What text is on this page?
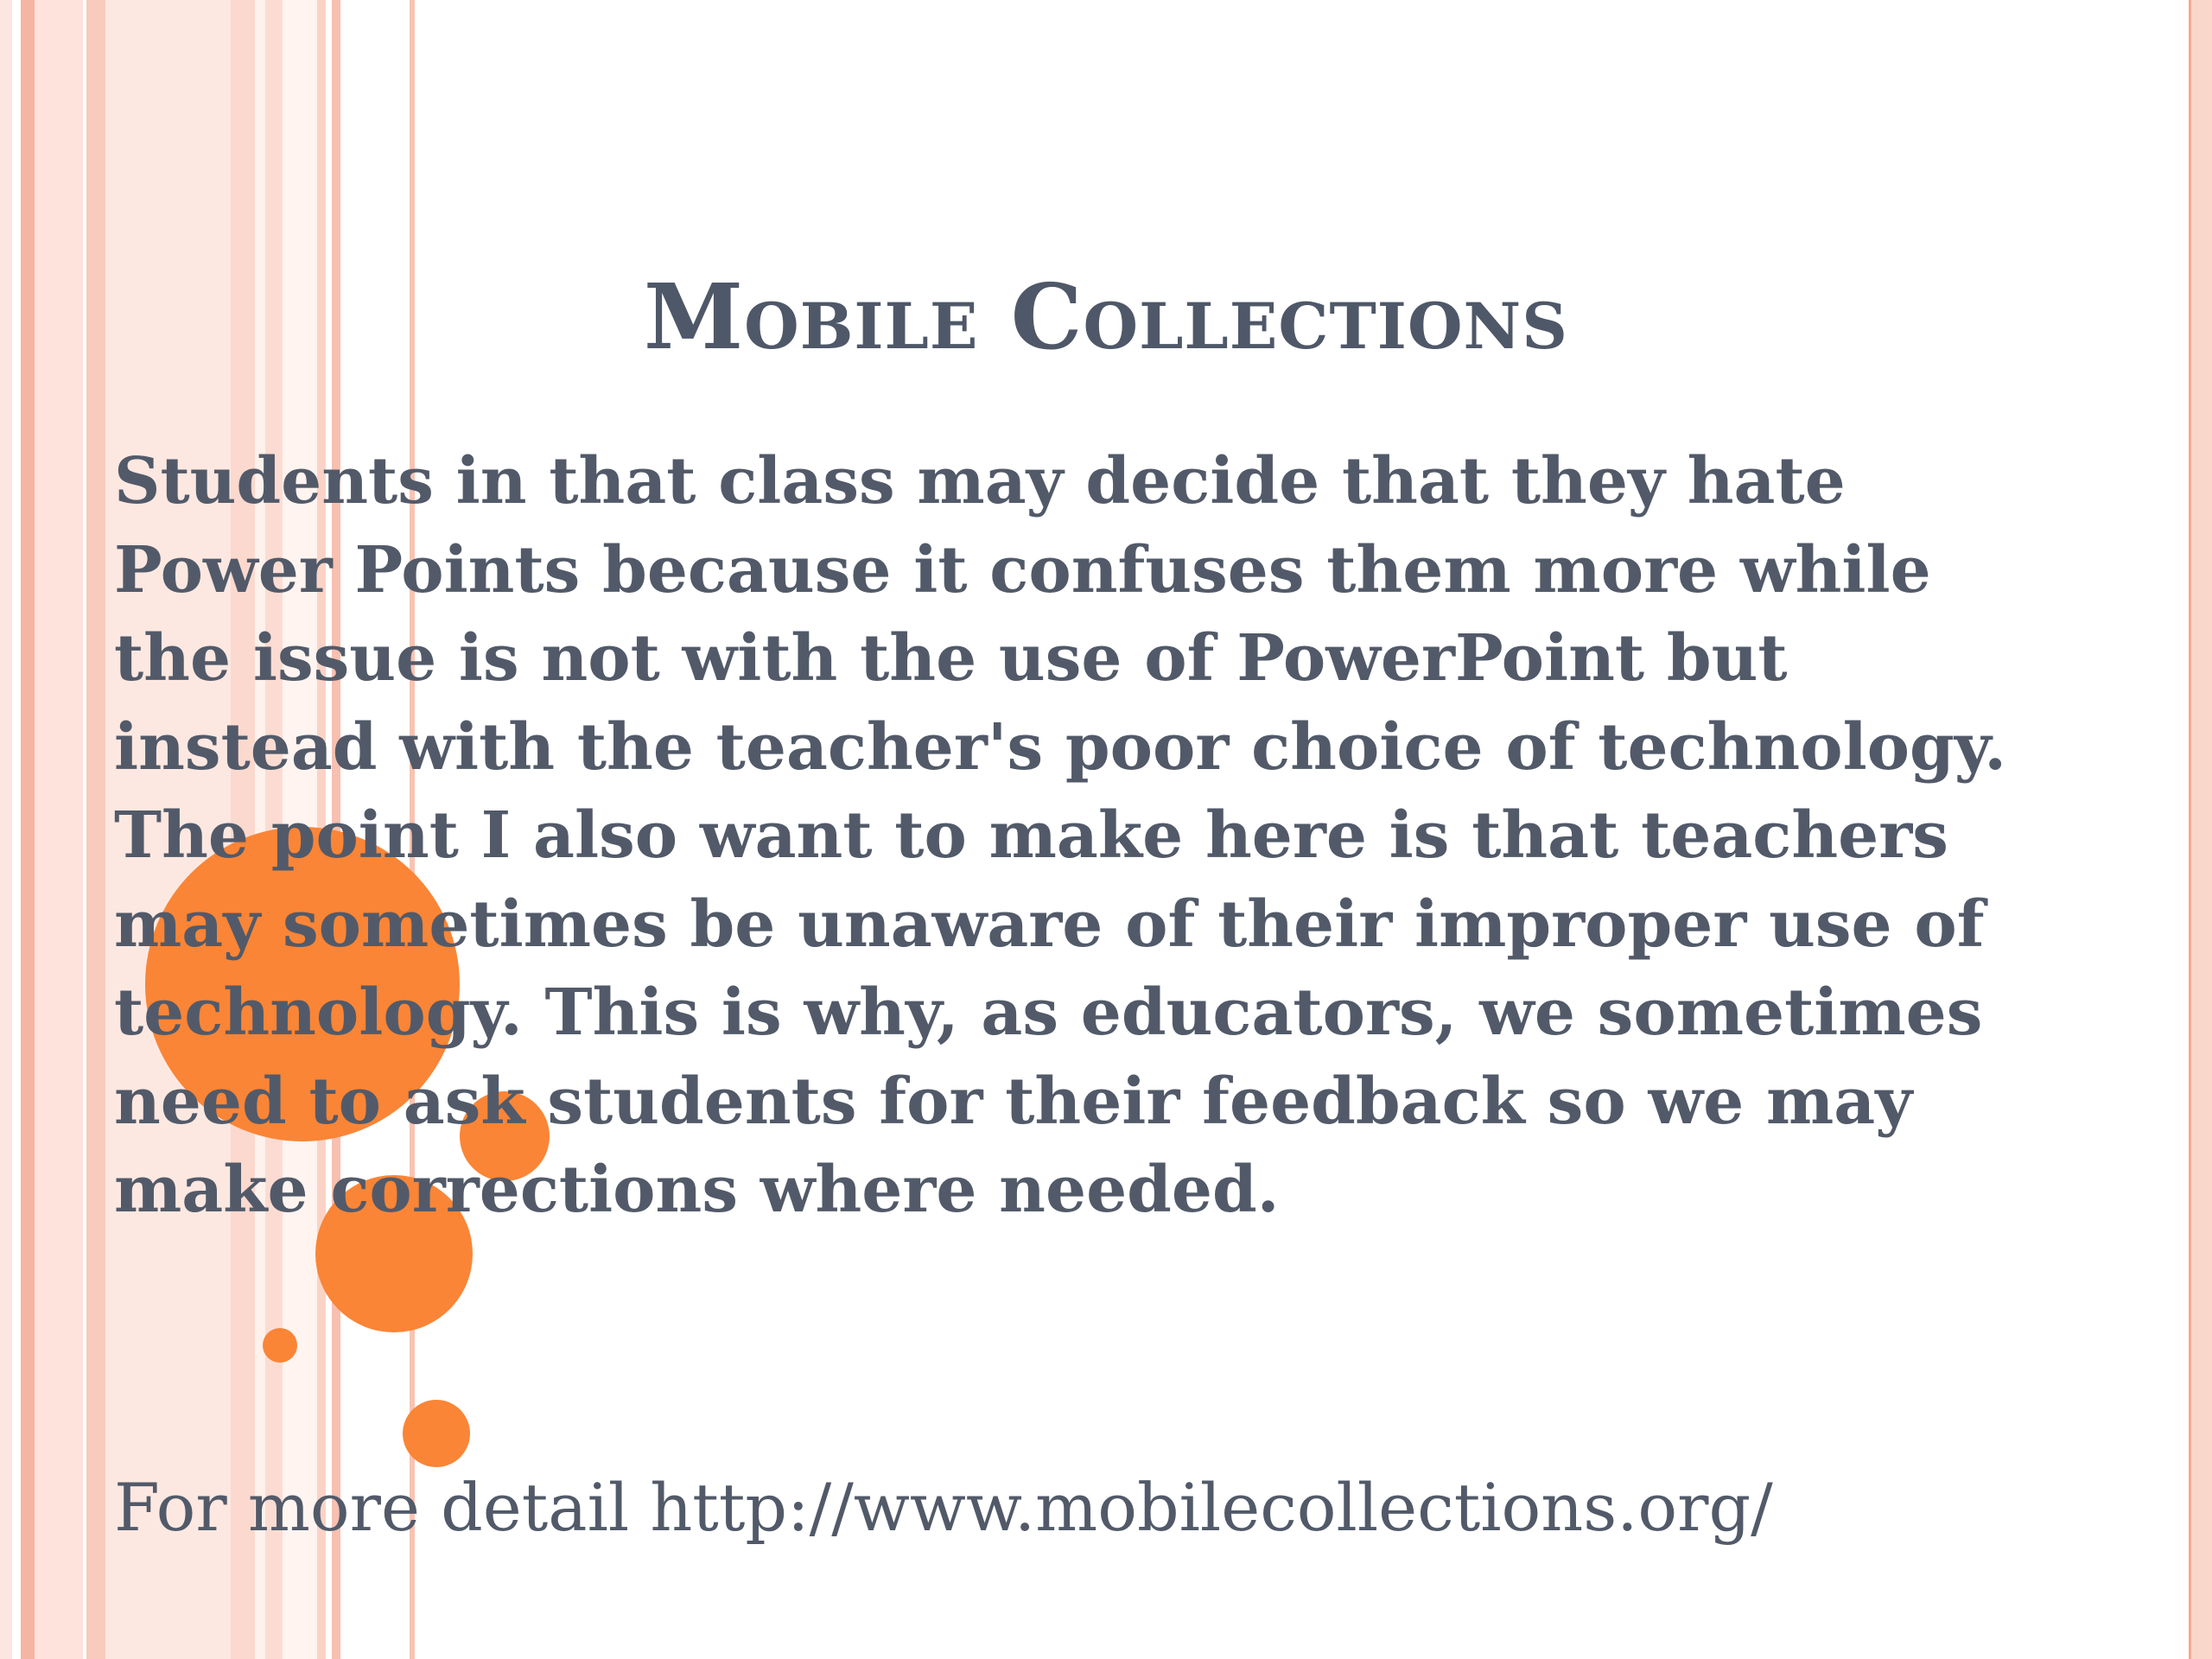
Mobile Collections
Students in that class may decide that they hate
Power Points because it confuses them more while
the issue is not with the use of PowerPoint but
instead with the teacher's poor choice of technology.
The point I also want to make here is that teachers
may sometimes be unaware of their improper use of
technology. This is why, as educators, we sometimes
need to ask students for their feedback so we may
make corrections where needed.

For more detail http://www.mobilecollections.org/
